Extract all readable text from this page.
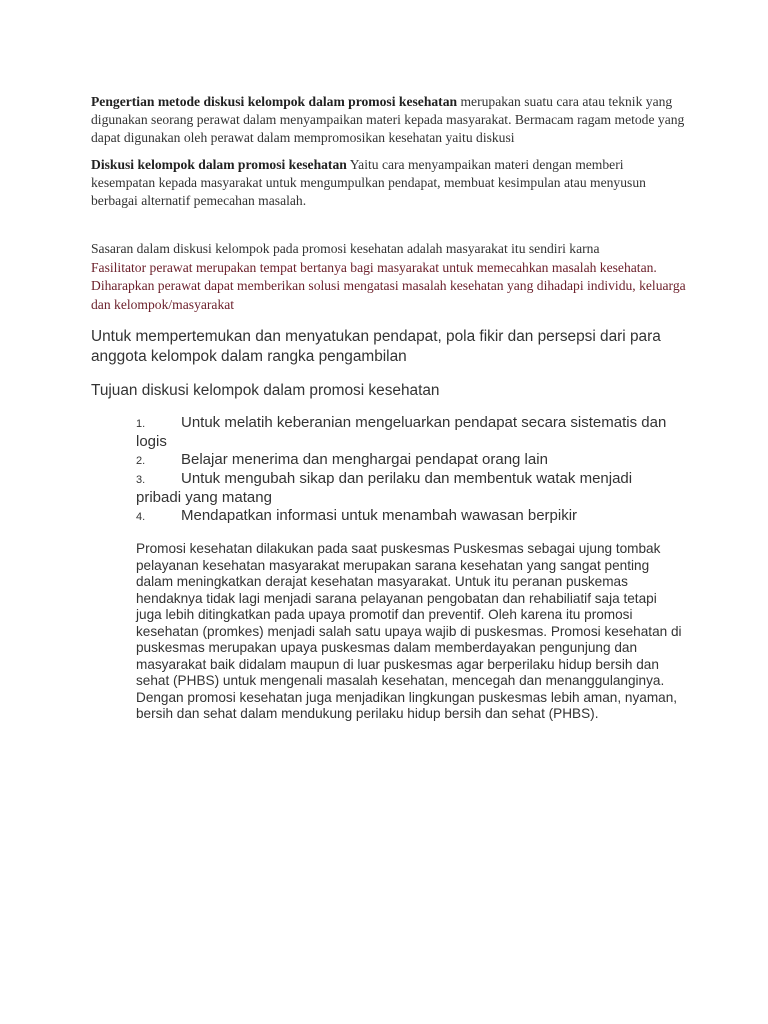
Pengertian metode diskusi kelompok dalam promosi kesehatan merupakan suatu cara atau teknik yang digunakan seorang perawat dalam menyampaikan materi kepada masyarakat. Bermacam ragam metode yang dapat digunakan oleh perawat dalam mempromosikan kesehatan yaitu diskusi
Diskusi kelompok dalam promosi kesehatan Yaitu cara menyampaikan materi dengan memberi kesempatan kepada masyarakat untuk mengumpulkan pendapat, membuat kesimpulan atau menyusun berbagai alternatif pemecahan masalah.
Sasaran dalam diskusi kelompok pada promosi kesehatan adalah masyarakat itu sendiri karna
Fasilitator perawat merupakan tempat bertanya bagi masyarakat untuk memecahkan masalah kesehatan.
Diharapkan perawat dapat memberikan solusi mengatasi masalah kesehatan yang dihadapi individu, keluarga dan kelompok/masyarakat
Untuk mempertemukan dan menyatukan pendapat, pola fikir dan persepsi dari para anggota kelompok dalam rangka pengambilan
Tujuan diskusi kelompok dalam promosi kesehatan
1. Untuk melatih keberanian mengeluarkan pendapat secara sistematis dan logis
2. Belajar menerima dan menghargai pendapat orang lain
3. Untuk mengubah sikap dan perilaku dan membentuk watak menjadi pribadi yang matang
4. Mendapatkan informasi untuk menambah wawasan berpikir
Promosi kesehatan dilakukan pada saat puskesmas Puskesmas sebagai ujung tombak pelayanan kesehatan masyarakat merupakan sarana kesehatan yang sangat penting dalam meningkatkan derajat kesehatan masyarakat. Untuk itu peranan puskemas hendaknya tidak lagi menjadi sarana pelayanan pengobatan dan rehabiliatif saja tetapi juga lebih ditingkatkan pada upaya promotif dan preventif. Oleh karena itu promosi kesehatan (promkes) menjadi salah satu upaya wajib di puskesmas. Promosi kesehatan di puskesmas merupakan upaya puskesmas dalam memberdayakan pengunjung dan masyarakat baik didalam maupun di luar puskesmas agar berperilaku hidup bersih dan sehat (PHBS) untuk mengenali masalah kesehatan, mencegah dan menanggulanginya. Dengan promosi kesehatan juga menjadikan lingkungan puskesmas lebih aman, nyaman, bersih dan sehat dalam mendukung perilaku hidup bersih dan sehat (PHBS).
